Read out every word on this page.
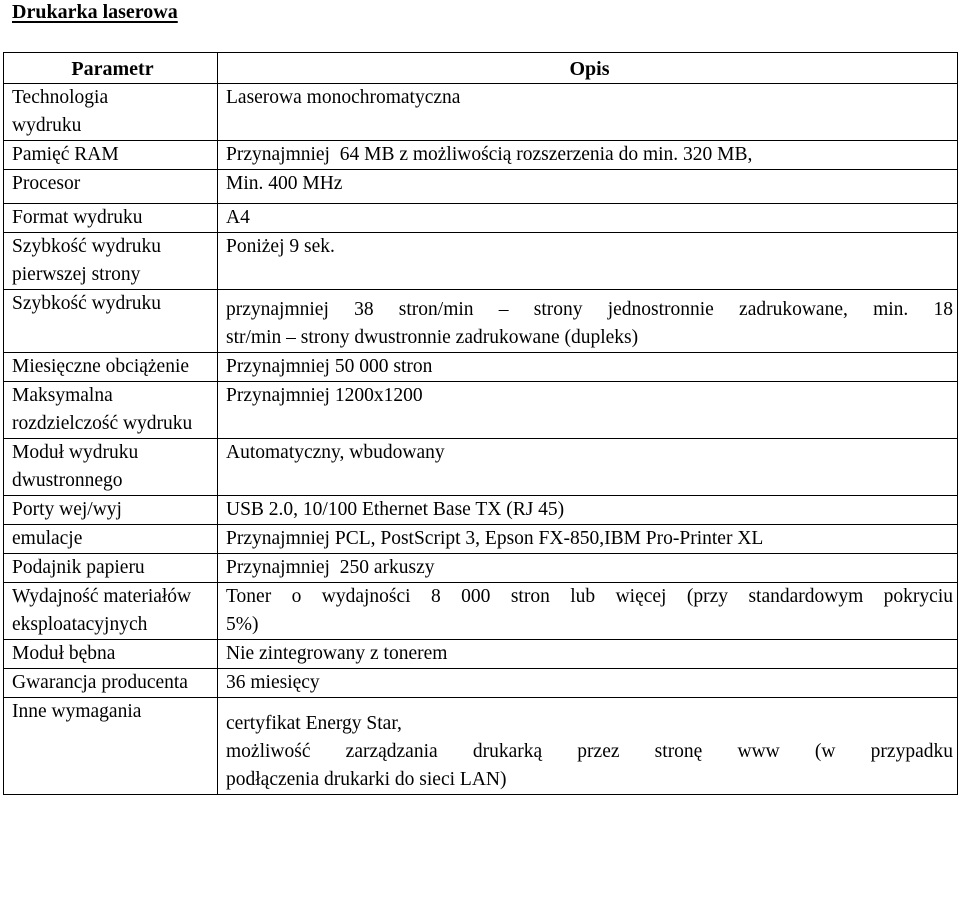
Drukarka laserowa
Parametr	Opis
Technologia wydruku	Laserowa monochromatyczna

Pamięć RAM	Przynajmniej  64 MB z możliwością rozszerzenia do min. 320 MB,

Procesor	Min. 400 MHz

Format wydruku	A4

Szybkość wydruku pierwszej strony	Poniżej 9 sek.

Szybkość wydruku	przynajmniej 38 stron/min – strony jednostronnie zadrukowane, min. 18
str/min – strony dwustronnie zadrukowane (dupleks)

Miesięczne obciążenie	Przynajmniej 50 000 stron

Maksymalna rozdzielczość wydruku	Przynajmniej 1200x1200

Moduł wydruku dwustronnego	Automatyczny, wbudowany

Porty wej/wyj	USB 2.0, 10/100 Ethernet Base TX (RJ 45)

emulacje	Przynajmniej PCL, PostScript 3, Epson FX-850,IBM Pro-Printer XL

Podajnik papieru	Przynajmniej  250 arkuszy

Wydajność materiałów eksploatacyjnych	Toner o wydajności 8 000 stron lub więcej (przy standardowym pokryciu
5%)

Moduł bębna	Nie zintegrowany z tonerem

Gwarancja producenta	36 miesięcy

Inne wymagania	certyfikat Energy Star,
możliwość zarządzania drukarką przez stronę www (w przypadku
podłączenia drukarki do sieci LAN)
